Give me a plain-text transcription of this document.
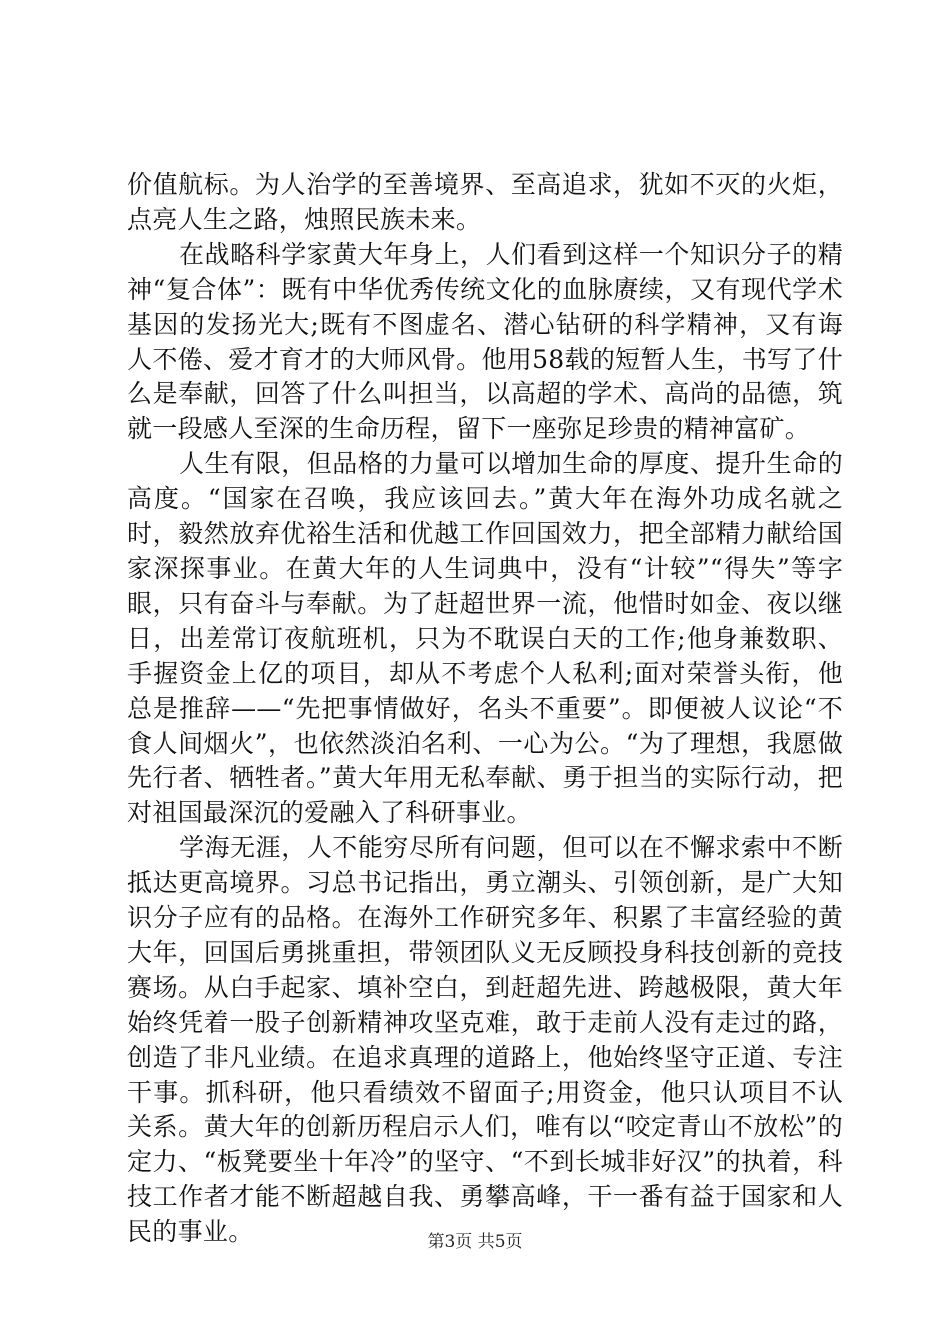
价值航标。为人治学的至善境界、至高追求，犹如不灭的火炬，点亮人生之路，烛照民族未来。

在战略科学家黄大年身上，人们看到这样一个知识分子的精神“复合体”：既有中华优秀传统文化的血脉赓续，又有现代学术基因的发扬光大;既有不图虚名、潜心钻研的科学精神，又有诲人不倦、爱才育才的大师风骨。他用58载的短暂人生，书写了什么是奉献，回答了什么叫担当，以高超的学术、高尚的品德，筑就一段感人至深的生命历程，留下一座弥足珍贵的精神富矿。

人生有限，但品格的力量可以增加生命的厚度、提升生命的高度。“国家在召唤，我应该回去。”黄大年在海外功成名就之时，毅然放弃优裕生活和优越工作回国效力，把全部精力献给国家深探事业。在黄大年的人生词典中，没有“计较”“得失”等字眼，只有奋斗与奉献。为了赶超世界一流，他惜时如金、夜以继日，出差常订夜航班机，只为不耽误白天的工作;他身兼数职、手握资金上亿的项目，却从不考虑个人私利;面对荣誉头衔，他总是推辞——“先把事情做好，名头不重要”。即便被人议论“不食人间烟火”，也依然淡泊名利、一心为公。“为了理想，我愿做先行者、牺牲者。”黄大年用无私奉献、勇于担当的实际行动，把对祖国最深沉的爱融入了科研事业。

学海无涯，人不能穷尽所有问题，但可以在不懈求索中不断抵达更高境界。习总书记指出，勇立潮头、引领创新，是广大知识分子应有的品格。在海外工作研究多年、积累了丰富经验的黄大年，回国后勇挑重担，带领团队义无反顾投身科技创新的竞技赛场。从白手起家、填补空白，到赶超先进、跨越极限，黄大年始终凭着一股子创新精神攻坚克难，敢于走前人没有走过的路，创造了非凡业绩。在追求真理的道路上，他始终坚守正道、专注干事。抓科研，他只看绩效不留面子;用资金，他只认项目不认关系。黄大年的创新历程启示人们，唯有以“咬定青山不放松”的定力、“板凳要坐十年冷”的坚守、“不到长城非好汉”的执着，科技工作者才能不断超越自我、勇攀高峰，干一番有益于国家和人民的事业。	第3页 共5页
